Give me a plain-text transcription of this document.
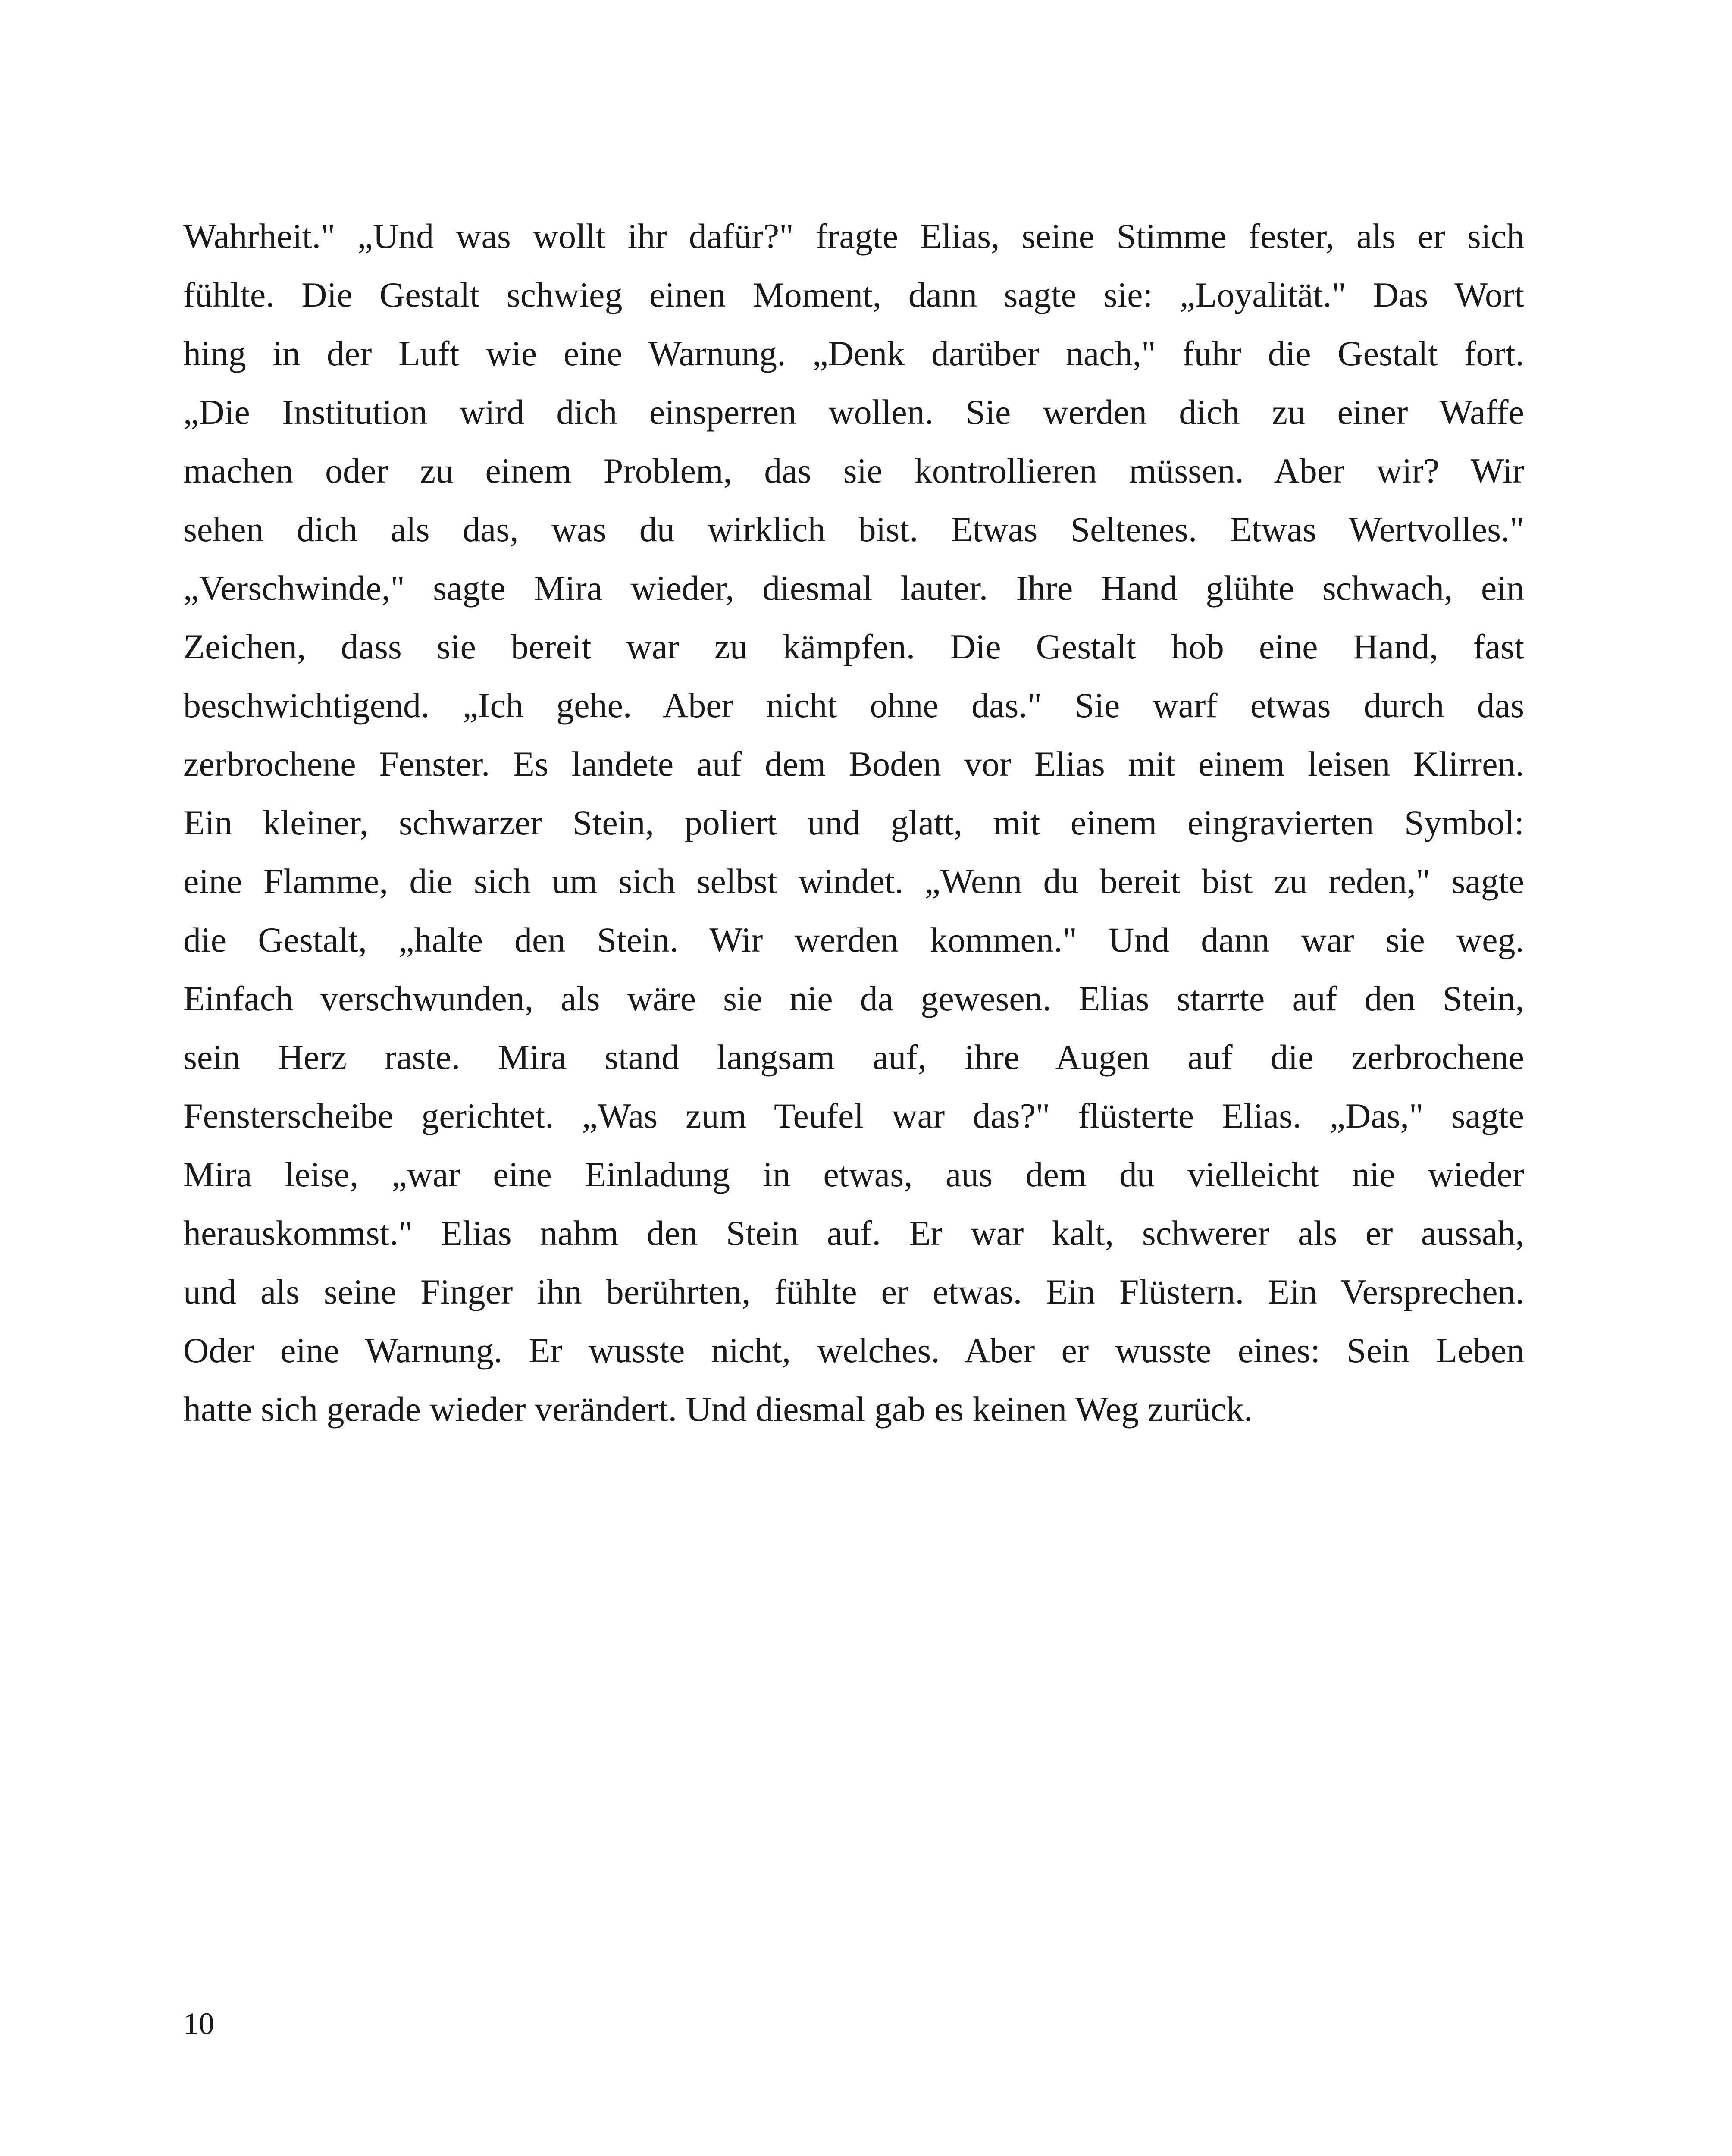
Wahrheit." „Und was wollt ihr dafür?" fragte Elias, seine Stimme fester, als er sich
fühlte. Die Gestalt schwieg einen Moment, dann sagte sie: „Loyalität." Das Wort
hing in der Luft wie eine Warnung. „Denk darüber nach," fuhr die Gestalt fort.
„Die Institution wird dich einsperren wollen. Sie werden dich zu einer Waffe
machen oder zu einem Problem, das sie kontrollieren müssen. Aber wir? Wir
sehen dich als das, was du wirklich bist. Etwas Seltenes. Etwas Wertvolles."
„Verschwinde," sagte Mira wieder, diesmal lauter. Ihre Hand glühte schwach, ein
Zeichen, dass sie bereit war zu kämpfen. Die Gestalt hob eine Hand, fast
beschwichtigend. „Ich gehe. Aber nicht ohne das." Sie warf etwas durch das
zerbrochene Fenster. Es landete auf dem Boden vor Elias mit einem leisen Klirren.
Ein kleiner, schwarzer Stein, poliert und glatt, mit einem eingravierten Symbol:
eine Flamme, die sich um sich selbst windet. „Wenn du bereit bist zu reden," sagte
die Gestalt, „halte den Stein. Wir werden kommen." Und dann war sie weg.
Einfach verschwunden, als wäre sie nie da gewesen. Elias starrte auf den Stein,
sein Herz raste. Mira stand langsam auf, ihre Augen auf die zerbrochene
Fensterscheibe gerichtet. „Was zum Teufel war das?" flüsterte Elias. „Das," sagte
Mira leise, „war eine Einladung in etwas, aus dem du vielleicht nie wieder
herauskommst." Elias nahm den Stein auf. Er war kalt, schwerer als er aussah,
und als seine Finger ihn berührten, fühlte er etwas. Ein Flüstern. Ein Versprechen.
Oder eine Warnung. Er wusste nicht, welches. Aber er wusste eines: Sein Leben
hatte sich gerade wieder verändert. Und diesmal gab es keinen Weg zurück.

10
